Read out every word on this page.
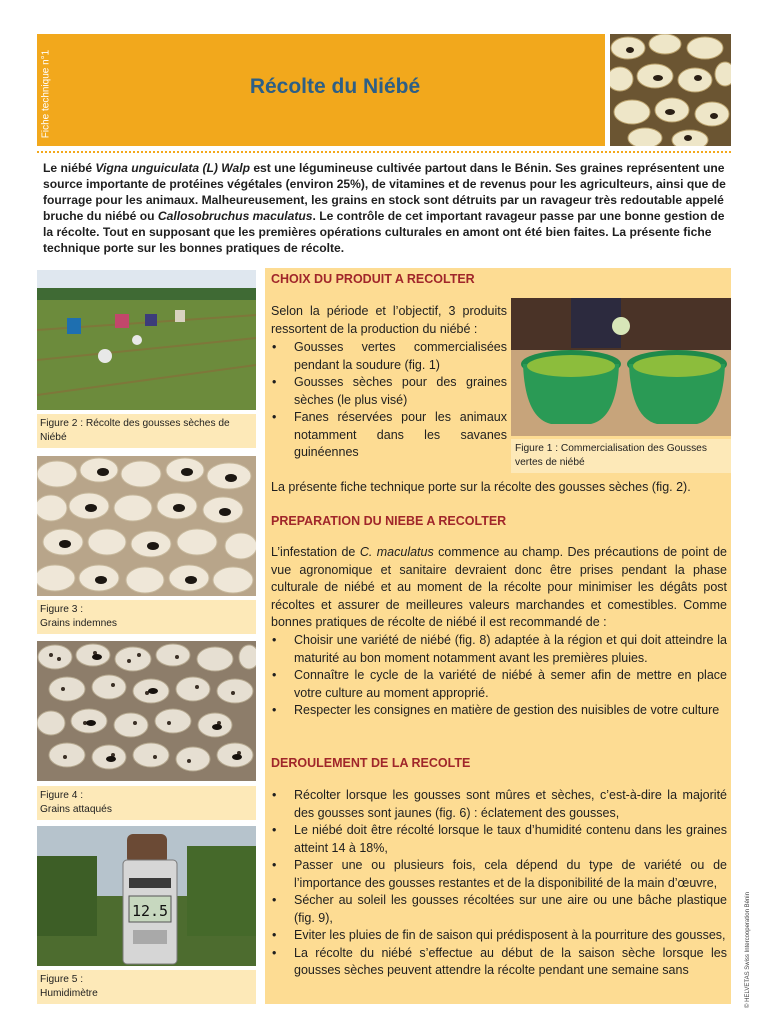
Fiche technique n°1	Récolte du Niébé

Le niébé Vigna unguiculata (L) Walp est une légumineuse cultivée partout dans le Bénin. Ses graines représentent une source importante de protéines végétales (environ 25%), de vitamines et de revenus pour les agriculteurs, ainsi que de fourrage pour les animaux. Malheureusement, les grains en stock sont détruits par un ravageur très redoutable appelé bruche du niébé ou Callosobruchus maculatus. Le contrôle de cet important ravageur passe par une bonne gestion de la récolte. Tout en supposant que les premières opérations culturales en amont ont été bien faites. La présente fiche technique porte sur les bonnes pratiques de récolte.

Figure 2 : Récolte des gousses sèches de Niébé
Figure 3 :
Grains indemnes
Figure 4 :
Grains attaqués
12.5
Figure 5 :
Humidimètre
CHOIX DU PRODUIT A RECOLTER

Selon la période et l’objectif, 3 produits ressortent de la production du niébé :

• Gousses vertes commercialisées pendant la soudure (fig. 1)
• Gousses sèches pour des graines sèches (le plus visé)
• Fanes réservées pour les animaux notamment dans les savanes guinéennes	Figure 1 : Commercialisation des Gousses vertes de niébé

La présente fiche technique porte sur la récolte des gousses sèches (fig. 2).

PREPARATION DU NIEBE A RECOLTER

L’infestation de C. maculatus commence au champ. Des précautions de point de vue agronomique et sanitaire devraient donc être prises pendant la phase culturale de niébé et au moment de la récolte pour minimiser les dégâts post récoltes et assurer de meilleures valeurs marchandes et comestibles. Comme bonnes pratiques de récolte de niébé il est recommandé de :

• Choisir une variété de niébé (fig. 8) adaptée à la région et qui doit atteindre la maturité au bon moment notamment avant les premières pluies.
• Connaître le cycle de la variété de niébé à semer afin de mettre en place votre culture au moment approprié.
• Respecter les consignes en matière de gestion des nuisibles de votre culture
DEROULEMENT DE LA RECOLTE
• Récolter lorsque les gousses sont mûres et sèches, c’est-à-dire la majorité des gousses sont jaunes (fig. 6) : éclatement des gousses,
• Le niébé doit être récolté lorsque le taux d’humidité contenu dans les graines atteint 14 à 18%,
• Passer une ou plusieurs fois, cela dépend du type de variété ou de l’importance des gousses restantes et de la disponibilité de la main d’œuvre,
• Sécher au soleil les gousses récoltées sur une aire ou une bâche plastique (fig. 9),
• Eviter les pluies de fin de saison qui prédisposent à la pourriture des gousses,
• La récolte du niébé s’effectue au début de la saison sèche lorsque les gousses sèches peuvent attendre la récolte pendant une semaine sans	© HELVETAS Swiss Intercooperation Bénin
